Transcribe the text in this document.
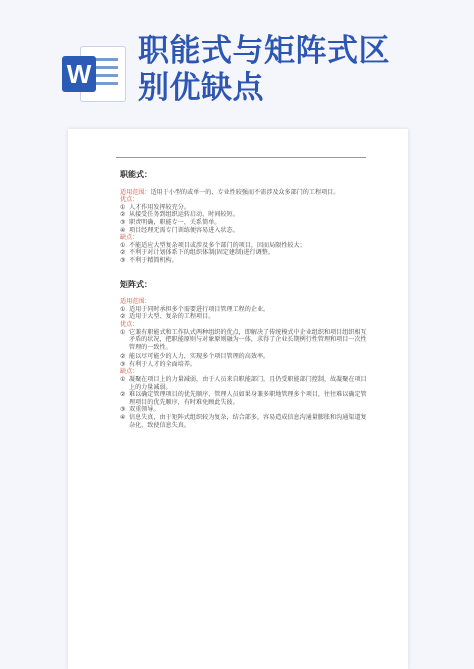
W
职能式与矩阵式区
别优缺点
职能式：
适用范围：适用于小型的或单一的、专业性较强而不需涉及众多部门的工程项目。
优点：
① 人才作用发挥较充分。
② 从接受任务到组织运转启动，时间较短。
③ 职责明确，职能专一，关系简单。
④ 项目经理无需专门训练便容易进入状态。
缺点：
① 不能适应大型复杂项目或涉及多个部门的项目，因而局限性较大；
② 不利于对计划体系下的组织体制(固定建制)进行调整。
③ 不利于精简机构。
矩阵式：
适用范围：
① 适用于同时承担多个需要进行项目管理工程的企业。
② 适用于大型、复杂的工程项目。
优点：
① 它兼有职能式和工作队式两种组织的优点，即解决了传统模式中企业组织和项目组织相互矛盾的状况，把职能原则与对象原则融为一体，求得了企业长期例行性管理和项目一次性管理的一致性。
② 能以尽可能少的人力，实现多个项目管理的高效率。
③ 有利于人才的全面培养。
缺点：
① 凝聚在项目上的力量减弱，由于人员来自职能部门，且仍受职能部门控制，故凝聚在项目上的力量减弱。
② 难以确定管理项目的优先顺序，管理人员如果身兼多职地管理多个项目，往往难以确定管理项目的优先顺序，有时难免顾此失彼。
③ 双重领导。
④ 信息失真，由于矩阵式组织较为复杂，结合部多，容易造成信息沟通量膨胀和沟通渠道复杂化，致使信息失真。
